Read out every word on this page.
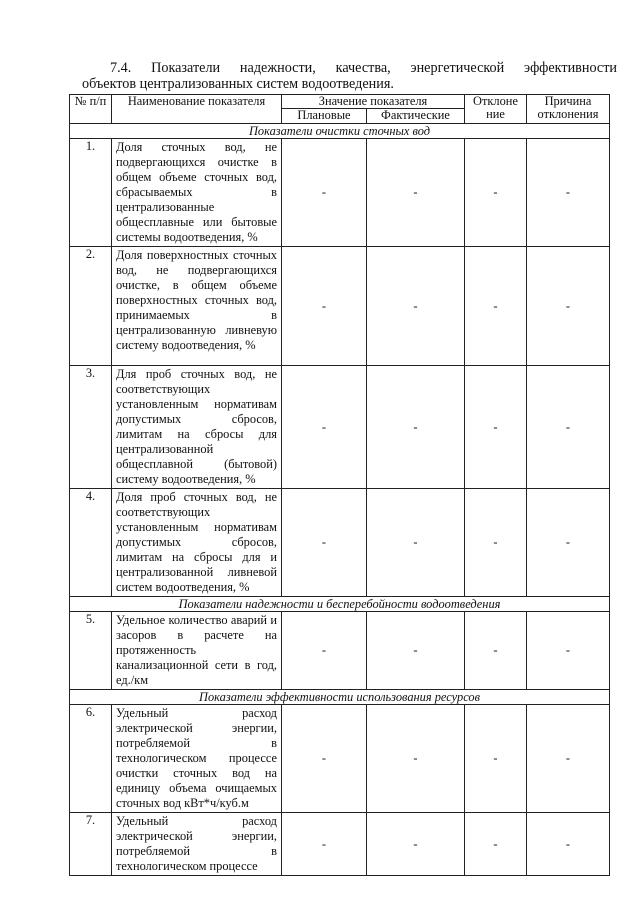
7.4. Показатели надежности, качества, энергетической эффективности
объектов централизованных систем водоотведения.
№ п/п	Наименование показателя	Значение показателя		Отклоне ние	Причина отклонения
		Плановые	Фактические		
Показатели очистки сточных вод					
1.	Доля сточных вод, не подвергающихся очистке в общем объеме сточных вод, сбрасываемых в централизованные общесплавные или бытовые системы водоотведения, %	-	-	-	-
2.	Доля поверхностных сточных вод, не подвергающихся очистке, в общем объеме поверхностных сточных вод, принимаемых в централизованную ливневую систему водоотведения, %	-	-	-	-
3.	Для проб сточных вод, не соответствующих установленным нормативам допустимых сбросов, лимитам на сбросы для централизованной общесплавной (бытовой) систему водоотведения, %	-	-	-	-
4.	Доля проб сточных вод, не соответствующих установленным нормативам допустимых сбросов, лимитам на сбросы для и централизованной ливневой систем водоотведения, %	-	-	-	-
Показатели надежности и бесперебойности водоотведения					
5.	Удельное количество аварий и засоров в расчете на протяженность канализационной сети в год, ед./км	-	-	-	-
Показатели эффективности использования ресурсов					
6.	Удельный расход электрической энергии, потребляемой в технологическом процессе очистки сточных вод на единицу объема очищаемых сточных вод кВт*ч/куб.м	-	-	-	-
7.	Удельный расход электрической энергии, потребляемой в технологическом процессе	-	-	-	-
